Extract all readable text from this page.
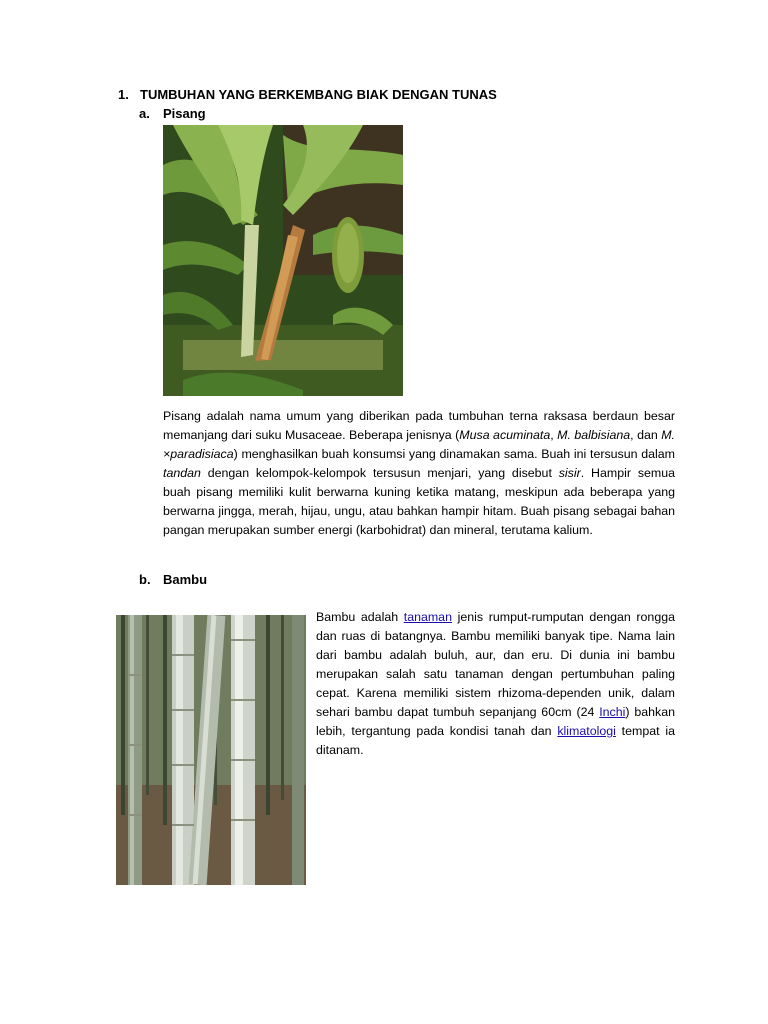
1. TUMBUHAN YANG BERKEMBANG BIAK DENGAN TUNAS
a. Pisang

Pisang adalah nama umum yang diberikan pada tumbuhan terna raksasa berdaun besar memanjang dari suku Musaceae. Beberapa jenisnya (Musa acuminata, M. balbisiana, dan M. ×paradisiaca) menghasilkan buah konsumsi yang dinamakan sama. Buah ini tersusun dalam tandan dengan kelompok-kelompok tersusun menjari, yang disebut sisir. Hampir semua buah pisang memiliki kulit berwarna kuning ketika matang, meskipun ada beberapa yang berwarna jingga, merah, hijau, ungu, atau bahkan hampir hitam. Buah pisang sebagai bahan pangan merupakan sumber energi (karbohidrat) dan mineral, terutama kalium.

b. Bambu

Bambu adalah tanaman jenis rumput-rumputan dengan rongga dan ruas di batangnya. Bambu memiliki banyak tipe. Nama lain dari bambu adalah buluh, aur, dan eru. Di dunia ini bambu merupakan salah satu tanaman dengan pertumbuhan paling cepat. Karena memiliki sistem rhizoma-dependen unik, dalam sehari bambu dapat tumbuh sepanjang 60cm (24 Inchi) bahkan lebih, tergantung pada kondisi tanah dan klimatologi tempat ia ditanam.
